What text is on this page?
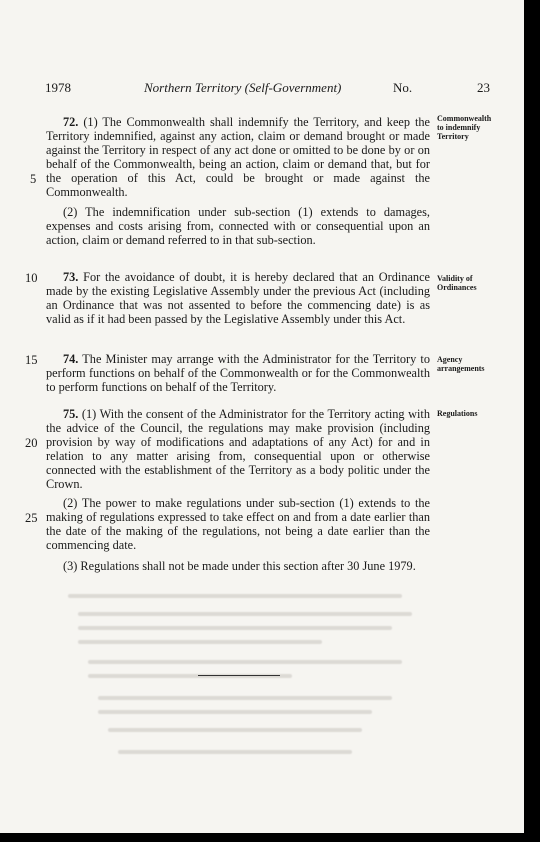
1978	Northern Territory (Self-Government)	No.	23
72. (1) The Commonwealth shall indemnify the Territory, and keep the Territory indemnified, against any action, claim or demand brought or made against the Territory in respect of any act done or omitted to be done by or on behalf of the Commonwealth, being an action, claim or demand that, but for the operation of this Act, could be brought or made against the Commonwealth.
Commonwealth to indemnify Territory
(2) The indemnification under sub-section (1) extends to damages, expenses and costs arising from, connected with or consequential upon an action, claim or demand referred to in that sub-section.
73. For the avoidance of doubt, it is hereby declared that an Ordinance made by the existing Legislative Assembly under the previous Act (including an Ordinance that was not assented to before the commencing date) is as valid as if it had been passed by the Legislative Assembly under this Act.
Validity of Ordinances
74. The Minister may arrange with the Administrator for the Territory to perform functions on behalf of the Commonwealth or for the Commonwealth to perform functions on behalf of the Territory.
Agency arrangements
75. (1) With the consent of the Administrator for the Territory acting with the advice of the Council, the regulations may make provision (including provision by way of modifications and adaptations of any Act) for and in relation to any matter arising from, consequential upon or otherwise connected with the establishment of the Territory as a body politic under the Crown.
Regulations
(2) The power to make regulations under sub-section (1) extends to the making of regulations expressed to take effect on and from a date earlier than the date of the making of the regulations, not being a date earlier than the commencing date.
(3) Regulations shall not be made under this section after 30 June 1979.
5
10
15
20
25
